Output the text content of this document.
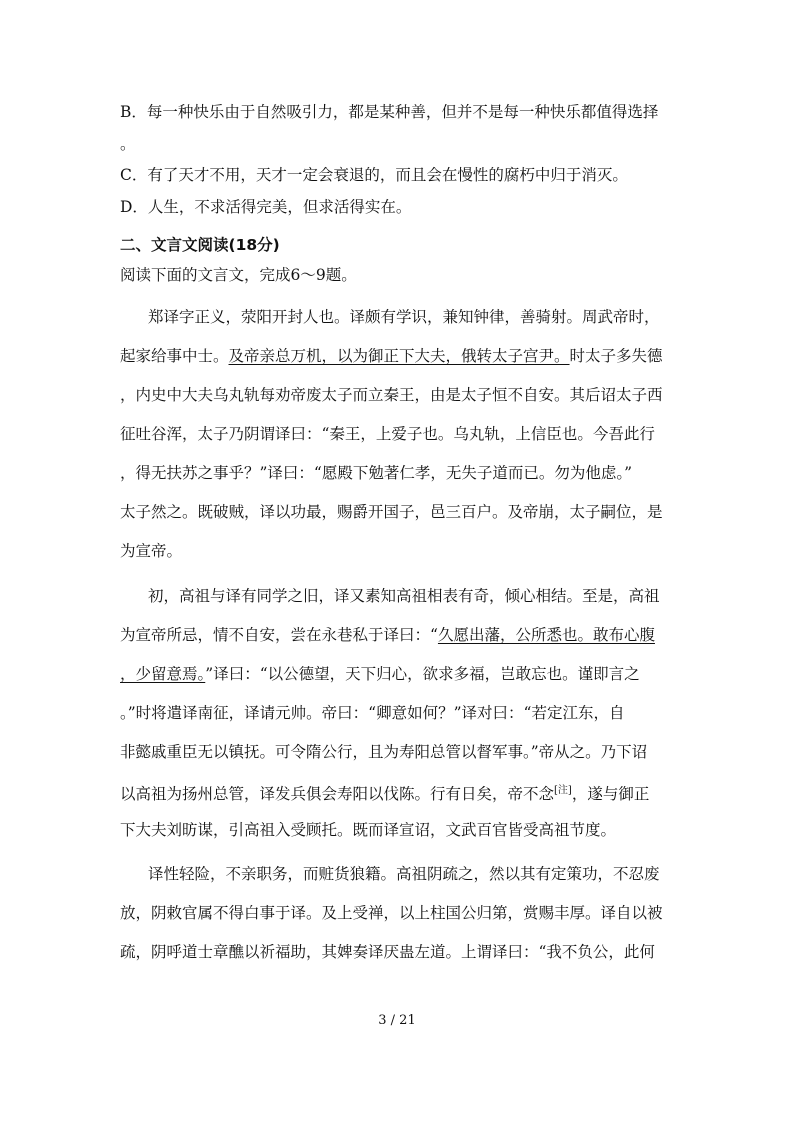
B．每一种快乐由于自然吸引力，都是某种善，但并不是每一种快乐都值得选择
。
C．有了天才不用，天才一定会衰退的，而且会在慢性的腐朽中归于消灭。
D．人生，不求活得完美，但求活得实在。
二、文言文阅读(18分)
阅读下面的文言文，完成6～9题。
郑译字正义，荥阳开封人也。译颇有学识，兼知钟律，善骑射。周武帝时，
起家给事中士。及帝亲总万机，以为御正下大夫，俄转太子宫尹。时太子多失德
，内史中大夫乌丸轨每劝帝废太子而立秦王，由是太子恒不自安。其后诏太子西
征吐谷浑，太子乃阴谓译曰：“秦王，上爱子也。乌丸轨，上信臣也。今吾此行
，得无扶苏之事乎？”译曰：“愿殿下勉著仁孝，无失子道而已。勿为他虑。”
太子然之。既破贼，译以功最，赐爵开国子，邑三百户。及帝崩，太子嗣位，是
为宣帝。
初，高祖与译有同学之旧，译又素知高祖相表有奇，倾心相结。至是，高祖
为宣帝所忌，情不自安，尝在永巷私于译曰：“久愿出藩，公所悉也。敢布心腹
，少留意焉。”译曰：“以公德望，天下归心，欲求多福，岂敢忘也。谨即言之
。”时将遣译南征，译请元帅。帝曰：“卿意如何？”译对曰：“若定江东，自
非懿戚重臣无以镇抚。可令隋公行，且为寿阳总管以督军事。”帝从之。乃下诏
以高祖为扬州总管，译发兵俱会寿阳以伐陈。行有日矣，帝不念[注]，遂与御正
下大夫刘昉谋，引高祖入受顾托。既而译宣诏，文武百官皆受高祖节度。
译性轻险，不亲职务，而赃货狼籍。高祖阴疏之，然以其有定策功，不忍废
放，阴敕官属不得白事于译。及上受禅，以上柱国公归第，赏赐丰厚。译自以被
疏，阴呼道士章醮以祈福助，其婢奏译厌蛊左道。上谓译曰：“我不负公，此何
3 / 21
